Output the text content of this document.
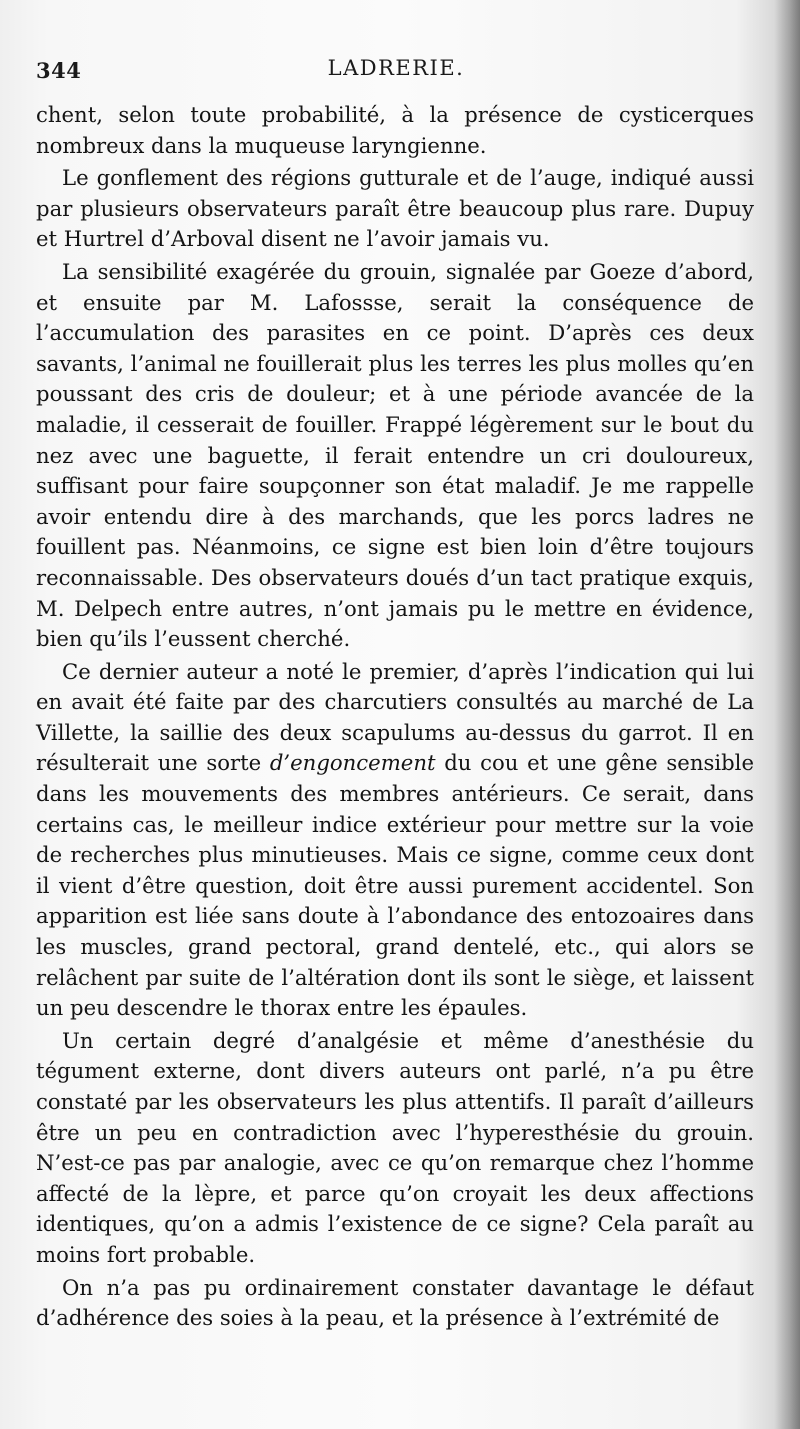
344	LADRERIE.

chent, selon toute probabilité, à la présence de cysticerques nombreux dans la muqueuse laryngienne.

Le gonflement des régions gutturale et de l’auge, indiqué aussi par plusieurs observateurs paraît être beaucoup plus rare. Dupuy et Hurtrel d’Arboval disent ne l’avoir jamais vu.

La sensibilité exagérée du grouin, signalée par Goeze d’abord, et ensuite par M. Lafossse, serait la conséquence de l’accumulation des parasites en ce point. D’après ces deux savants, l’animal ne fouillerait plus les terres les plus molles qu’en poussant des cris de douleur; et à une période avancée de la maladie, il cesserait de fouiller. Frappé légèrement sur le bout du nez avec une baguette, il ferait entendre un cri douloureux, suffisant pour faire soupçonner son état maladif. Je me rappelle avoir entendu dire à des marchands, que les porcs ladres ne fouillent pas. Néanmoins, ce signe est bien loin d’être toujours reconnaissable. Des observateurs doués d’un tact pratique exquis, M. Delpech entre autres, n’ont jamais pu le mettre en évidence, bien qu’ils l’eussent cherché.

Ce dernier auteur a noté le premier, d’après l’indication qui lui en avait été faite par des charcutiers consultés au marché de La Villette, la saillie des deux scapulums au-dessus du garrot. Il en résulterait une sorte d’engoncement du cou et une gêne sensible dans les mouvements des membres antérieurs. Ce serait, dans certains cas, le meilleur indice extérieur pour mettre sur la voie de recherches plus minutieuses. Mais ce signe, comme ceux dont il vient d’être question, doit être aussi purement accidentel. Son apparition est liée sans doute à l’abondance des entozoaires dans les muscles, grand pectoral, grand dentelé, etc., qui alors se relâchent par suite de l’altération dont ils sont le siège, et laissent un peu descendre le thorax entre les épaules.

Un certain degré d’analgésie et même d’anesthésie du tégument externe, dont divers auteurs ont parlé, n’a pu être constaté par les observateurs les plus attentifs. Il paraît d’ailleurs être un peu en contradiction avec l’hyperesthésie du grouin. N’est-ce pas par analogie, avec ce qu’on remarque chez l’homme affecté de la lèpre, et parce qu’on croyait les deux affections identiques, qu’on a admis l’existence de ce signe? Cela paraît au moins fort probable.

On n’a pas pu ordinairement constater davantage le défaut d’adhérence des soies à la peau, et la présence à l’extrémité de
